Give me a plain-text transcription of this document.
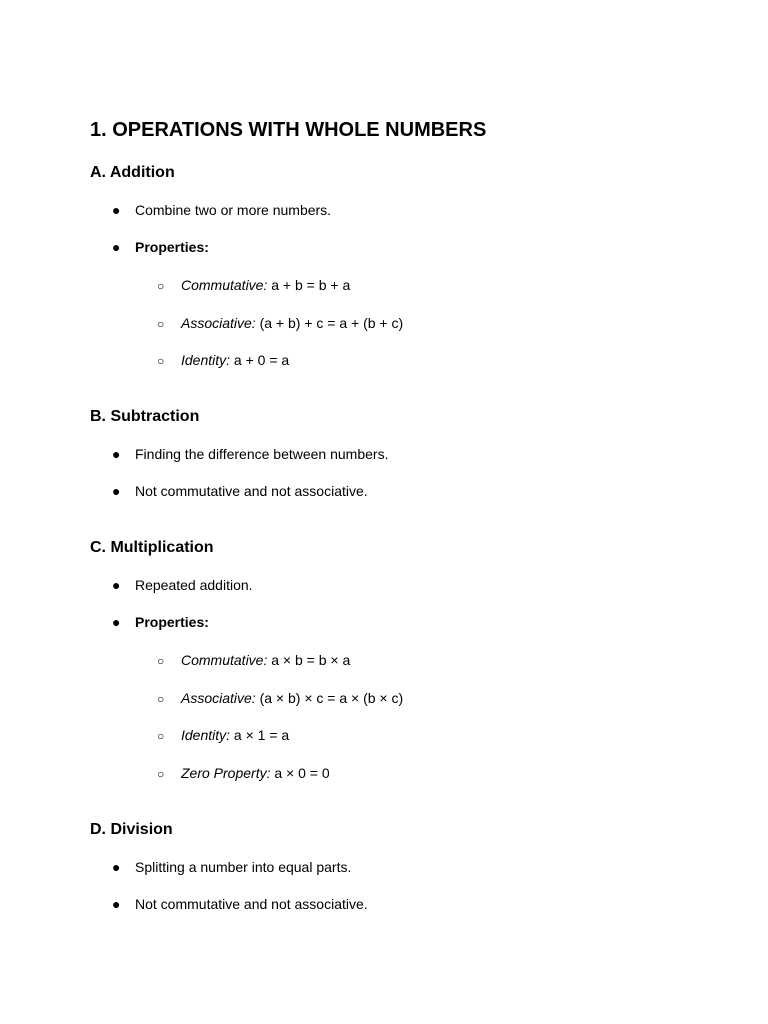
1. OPERATIONS WITH WHOLE NUMBERS
A. Addition
● Combine two or more numbers.
● Properties:
○ Commutative: a + b = b + a
○ Associative: (a + b) + c = a + (b + c)
○ Identity: a + 0 = a
B. Subtraction
● Finding the difference between numbers.
● Not commutative and not associative.
C. Multiplication
● Repeated addition.
● Properties:
○ Commutative: a × b = b × a
○ Associative: (a × b) × c = a × (b × c)
○ Identity: a × 1 = a
○ Zero Property: a × 0 = 0
D. Division
● Splitting a number into equal parts.
● Not commutative and not associative.
